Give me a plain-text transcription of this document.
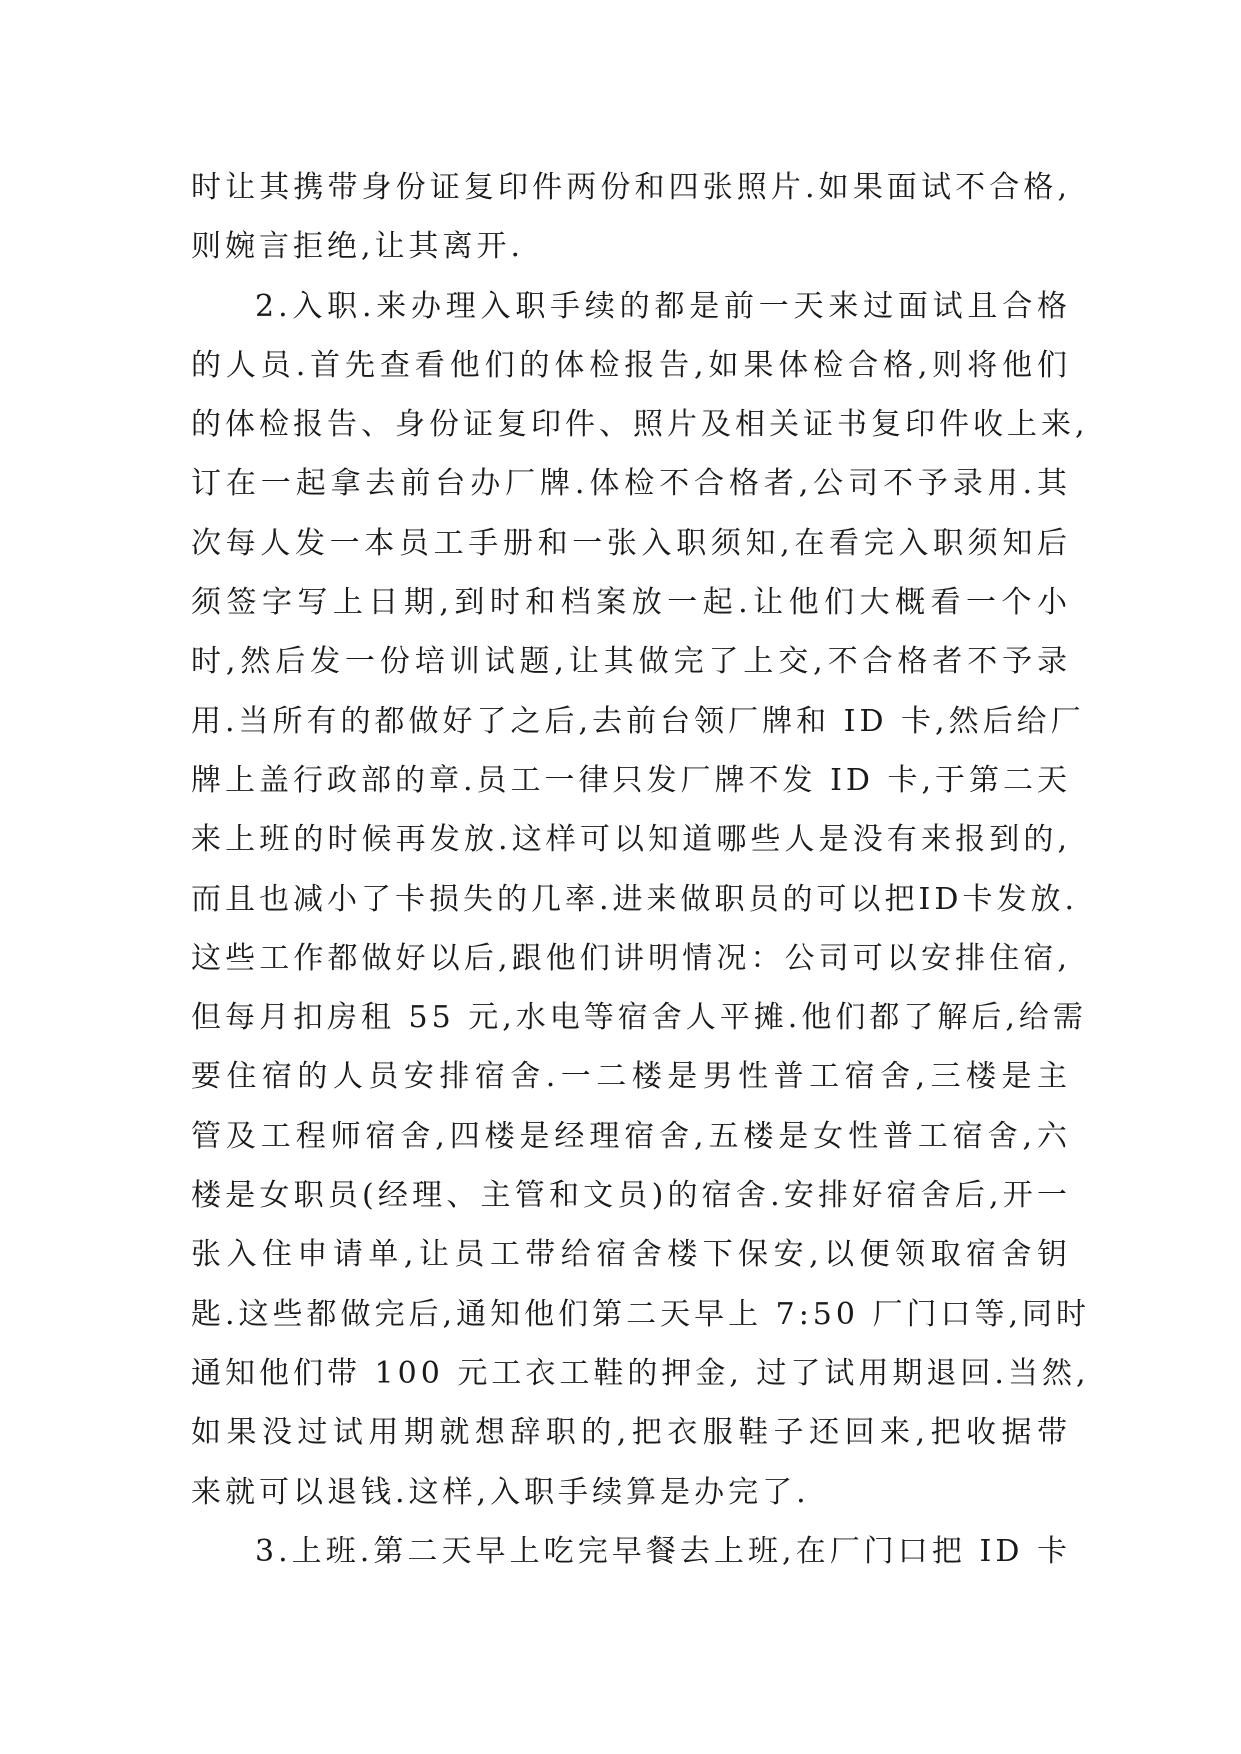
时让其携带身份证复印件两份和四张照片.如果面试不合格,
则婉言拒绝,让其离开.
2.入职.来办理入职手续的都是前一天来过面试且合格
的人员.首先查看他们的体检报告,如果体检合格,则将他们
的体检报告、身份证复印件、照片及相关证书复印件收上来,
订在一起拿去前台办厂牌.体检不合格者,公司不予录用.其
次每人发一本员工手册和一张入职须知,在看完入职须知后
须签字写上日期,到时和档案放一起.让他们大概看一个小
时,然后发一份培训试题,让其做完了上交,不合格者不予录
用.当所有的都做好了之后,去前台领厂牌和 ID 卡,然后给厂
牌上盖行政部的章.员工一律只发厂牌不发 ID 卡,于第二天
来上班的时候再发放.这样可以知道哪些人是没有来报到的,
而且也减小了卡损失的几率.进来做职员的可以把ID卡发放.
这些工作都做好以后,跟他们讲明情况：公司可以安排住宿,
但每月扣房租 55 元,水电等宿舍人平摊.他们都了解后,给需
要住宿的人员安排宿舍.一二楼是男性普工宿舍,三楼是主
管及工程师宿舍,四楼是经理宿舍,五楼是女性普工宿舍,六
楼是女职员(经理、主管和文员)的宿舍.安排好宿舍后,开一
张入住申请单,让员工带给宿舍楼下保安,以便领取宿舍钥
匙.这些都做完后,通知他们第二天早上 7:50 厂门口等,同时
通知他们带 100 元工衣工鞋的押金, 过了试用期退回.当然,
如果没过试用期就想辞职的,把衣服鞋子还回来,把收据带
来就可以退钱.这样,入职手续算是办完了.
3.上班.第二天早上吃完早餐去上班,在厂门口把 ID 卡
